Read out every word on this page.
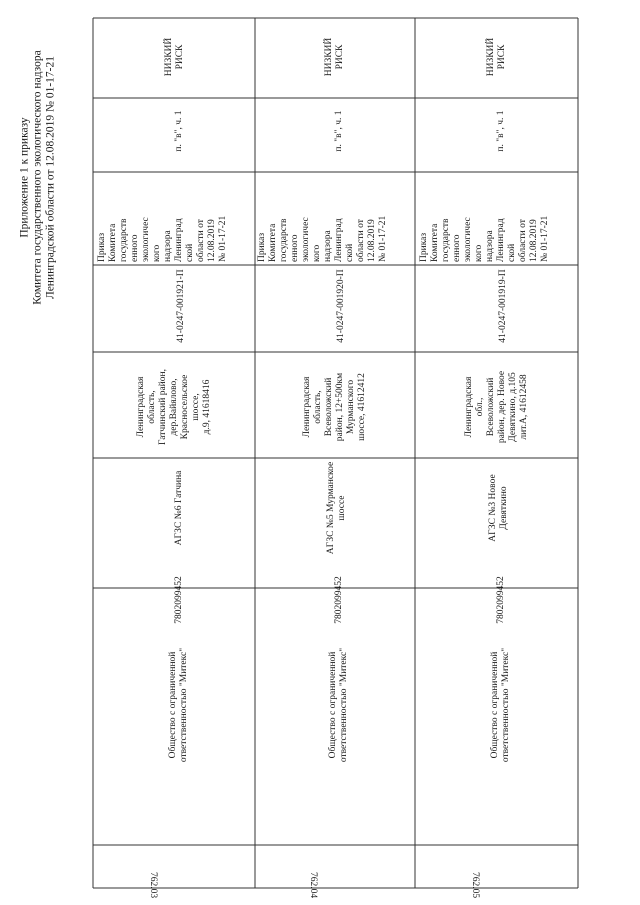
Приложение 1 к приказу Комитета государственного экологического надзора Ленинградской области от 12.08.2019 № 01-17-21
762.03
Общество с ограниченной
ответственностью "Митекс"
7802099452
АГЗС №6 Гатчина
Ленинградская
область,
Гатчинский район,
дер.Вайялово,
Красносельское
шоссе,
д.9, 41618416
41-0247-001921-П
Приказ
Комитета
государств
енного
экологичес
кого
надзора
Ленинград
ской
области от
12.08.2019
№ 01-17-21
п. "в", ч. 1
НИЗКИЙ
РИСК
762.04
Общество с ограниченной
ответственностью "Митекс"
7802099452
АГЗС №5 Мурманское
шоссе
Ленинградская
область,
Всеволожский
район, 12+500км
Мурманского
шоссе, 41612412
41-0247-001920-П
Приказ
Комитета
государств
енного
экологичес
кого
надзора
Ленинград
ской
области от
12.08.2019
№ 01-17-21
п. "в", ч. 1
НИЗКИЙ
РИСК
762.05
Общество с ограниченной
ответственностью "Митекс"
7802099452
АГЗС №3 Новое
Девяткино
Ленинградская
обл.,
Всеволожский
район, дер. Новое
Девяткино, д.105
лит.А, 41612458
41-0247-001919-П
Приказ
Комитета
государств
енного
экологичес
кого
надзора
Ленинград
ской
области от
12.08.2019
№ 01-17-21
п. "в", ч. 1
НИЗКИЙ
РИСК
